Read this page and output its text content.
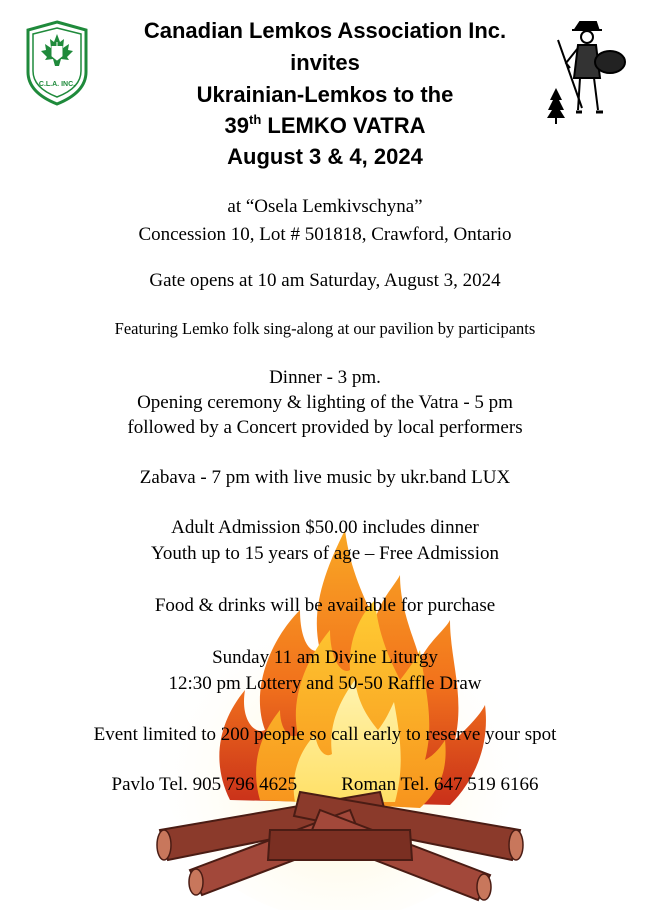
C.L.A. INC.
Canadian Lemkos Association Inc.
invites
Ukrainian-Lemkos to the
39th LEMKO VATRA
August 3 & 4, 2024
at “Osela Lemkivschyna”
Concession 10, Lot # 501818, Crawford, Ontario
Gate opens at 10 am Saturday, August 3, 2024
Featuring Lemko folk sing-along at our pavilion by participants
Dinner - 3 pm.
Opening ceremony & lighting of the Vatra - 5 pm
followed by a Concert provided by local performers
Zabava - 7 pm with live music by ukr.band LUX
Adult Admission $50.00 includes dinner
Youth up to 15 years of age – Free Admission
Food & drinks will be available for purchase
Sunday 11 am Divine Liturgy
12:30 pm Lottery and 50-50 Raffle Draw
Event limited to 200 people so call early to reserve your spot
Pavlo Tel. 905 796 4625 Roman Tel. 647 519 6166
